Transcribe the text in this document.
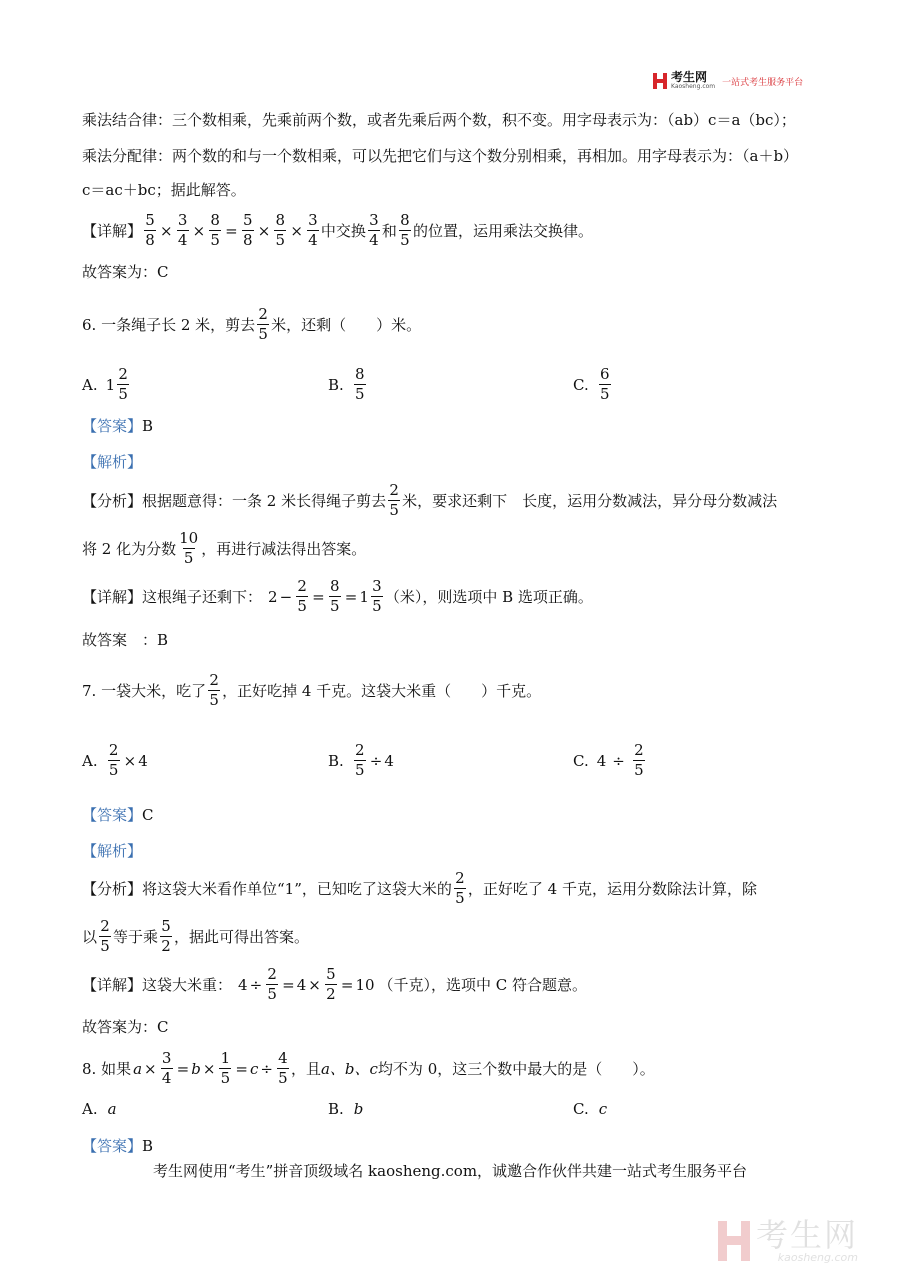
考生网
Kaosheng.com 一站式考生服务平台
乘法结合律：三个数相乘，先乘前两个数，或者先乘后两个数，积不变。用字母表示为：（ab）c＝a（bc）；
乘法分配律：两个数的和与一个数相乘，可以先把它们与这个数分别相乘，再相加。用字母表示为：（a＋b）
c＝ac＋bc；据此解答。
【详解】 $\frac{5}{8} \times \frac{3}{4} \times \frac{8}{5} = \frac{5}{8} \times \frac{8}{5} \times \frac{3}{4}$ 中交换 $\frac{3}{4}$ 和 $\frac{8}{5}$ 的位置，运用乘法交换律。
故答案为：C
6. 一条绳子长 2 米，剪去 $\frac{2}{5}$ 米，还剩（　　）米。
A. $1 \frac{2}{5}$	B. $\frac{8}{5}$	C. $\frac{6}{5}$
【答案】 B
【解析】
【分析】 根据题意得：一条 2 米长得绳子剪去 $\frac{2}{5}$ 米，要求还剩下　长度，运用分数减法，异分母分数减法
将 2 化为分数 $\frac{10}{5}$ ，再进行减法得出答案。
【详解】 这根绳子还剩下： $2 - \frac{2}{5} = \frac{8}{5} = 1 \frac{3}{5}$ （米），则选项中 B 选项正确。
故答案　：B
7. 一袋大米，吃了 $\frac{2}{5}$ ，正好吃掉 4 千克。这袋大米重（　　）千克。
A. $\frac{2}{5} \times 4$	B. $\frac{2}{5} \div 4$	C. $4 \div \frac{2}{5}$
【答案】 C
【解析】
【分析】 将这袋大米看作单位“1”，已知吃了这袋大米的 $\frac{2}{5}$ ，正好吃了 4 千克，运用分数除法计算，除
以 $\frac{2}{5}$ 等于乘 $\frac{5}{2}$ ，据此可得出答案。
【详解】 这袋大米重： $4 \div \frac{2}{5} = 4 \times \frac{5}{2} = 10$ （千克），选项中 C 符合题意。
故答案为：C
8. 如果 $a \times \frac{3}{4} = b \times \frac{1}{5} = c \div \frac{4}{5}$ ，且 a、b、c 均不为 0，这三个数中最大的是（　　）。
A. a	B. b	C. c
【答案】 B
考生网使用“考生”拼音顶级域名 kaosheng.com，诚邀合作伙伴共建一站式考生服务平台
考生网
kaosheng.com
